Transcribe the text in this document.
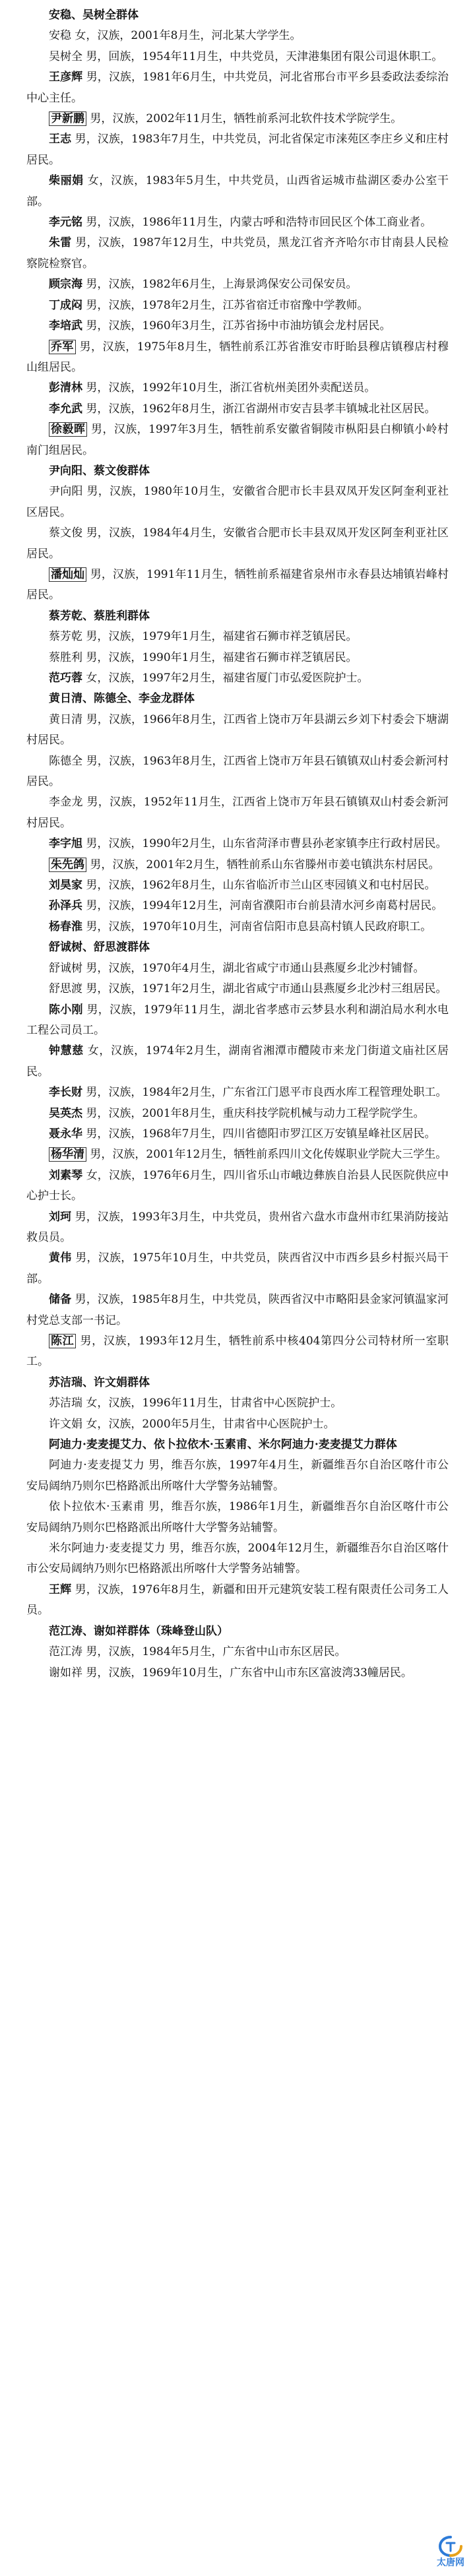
安稳、吴树全群体

安稳 女，汉族，2001年8月生，河北某大学学生。

吴树全 男，回族，1954年11月生，中共党员，天津港集团有限公司退休职工。

王彦辉 男，汉族，1981年6月生，中共党员，河北省邢台市平乡县委政法委综治中心主任。

尹新鹏 男，汉族，2002年11月生，牺牲前系河北软件技术学院学生。

王志 男，汉族，1983年7月生，中共党员，河北省保定市涞苑区李庄乡义和庄村居民。

柴丽娟 女，汉族，1983年5月生，中共党员，山西省运城市盐湖区委办公室干部。

李元铭 男，汉族，1986年11月生，内蒙古呼和浩特市回民区个体工商业者。

朱雷 男，汉族，1987年12月生，中共党员，黑龙江省齐齐哈尔市甘南县人民检察院检察官。

顾宗海 男，汉族，1982年6月生，上海景鸿保安公司保安员。

丁成闷 男，汉族，1978年2月生，江苏省宿迁市宿豫中学教师。

李培武 男，汉族，1960年3月生，江苏省扬中市油坊镇会龙村居民。

乔军 男，汉族，1975年8月生，牺牲前系江苏省淮安市盱眙县穆店镇穆店村穆山组居民。

彭清林 男，汉族，1992年10月生，浙江省杭州美团外卖配送员。

李允武 男，汉族，1962年8月生，浙江省湖州市安吉县孝丰镇城北社区居民。

徐毅晖 男，汉族，1997年3月生，牺牲前系安徽省铜陵市枞阳县白柳镇小岭村南门组居民。

尹向阳、蔡文俊群体

尹向阳 男，汉族，1980年10月生，安徽省合肥市长丰县双凤开发区阿奎利亚社区居民。

蔡文俊 男，汉族，1984年4月生，安徽省合肥市长丰县双凤开发区阿奎利亚社区居民。

潘灿灿 男，汉族，1991年11月生，牺牲前系福建省泉州市永春县达埔镇岩峰村居民。

蔡芳乾、蔡胜利群体

蔡芳乾 男，汉族，1979年1月生，福建省石狮市祥芝镇居民。

蔡胜利 男，汉族，1990年1月生，福建省石狮市祥芝镇居民。

范巧蓉 女，汉族，1997年2月生，福建省厦门市弘爱医院护士。

黄日清、陈德全、李金龙群体

黄日清 男，汉族，1966年8月生，江西省上饶市万年县湖云乡刘下村委会下塘湖村居民。

陈德全 男，汉族，1963年8月生，江西省上饶市万年县石镇镇双山村委会新河村居民。

李金龙 男，汉族，1952年11月生，江西省上饶市万年县石镇镇双山村委会新河村居民。

李字旭 男，汉族，1990年2月生，山东省菏泽市曹县孙老家镇李庄行政村居民。

朱先鸽 男，汉族，2001年2月生，牺牲前系山东省滕州市姜屯镇洪东村居民。

刘昊家 男，汉族，1962年8月生，山东省临沂市兰山区枣园镇义和屯村居民。

孙泽兵 男，汉族，1994年12月生，河南省濮阳市台前县清水河乡南葛村居民。

杨春淮 男，汉族，1970年10月生，河南省信阳市息县高村镇人民政府职工。

舒诚树、舒思渡群体

舒诚树 男，汉族，1970年4月生，湖北省咸宁市通山县燕厦乡北沙村铺督。

舒思渡 男，汉族，1971年2月生，湖北省咸宁市通山县燕厦乡北沙村三组居民。

陈小刚 男，汉族，1979年11月生，湖北省孝感市云梦县水利和湖泊局水利水电工程公司员工。

钟慧慈 女，汉族，1974年2月生，湖南省湘潭市醴陵市来龙门街道文庙社区居民。

李长财 男，汉族，1984年2月生，广东省江门恩平市良西水库工程管理处职工。

吴英杰 男，汉族，2001年8月生，重庆科技学院机械与动力工程学院学生。

聂永华 男，汉族，1968年7月生，四川省德阳市罗江区万安镇星峰社区居民。

杨华清 男，汉族，2001年12月生，牺牲前系四川文化传媒职业学院大三学生。

刘素琴 女，汉族，1976年6月生，四川省乐山市峨边彝族自治县人民医院供应中心护士长。

刘珂 男，汉族，1993年3月生，中共党员，贵州省六盘水市盘州市红果消防接站救员员。

黄伟 男，汉族，1975年10月生，中共党员，陕西省汉中市西乡县乡村振兴局干部。

储备 男，汉族，1985年8月生，中共党员，陕西省汉中市略阳县金家河镇温家河村党总支部一书记。

陈江 男，汉族，1993年12月生，牺牲前系中核404第四分公司特材所一室职工。

苏洁瑞、许文娟群体

苏洁瑞 女，汉族，1996年11月生，甘肃省中心医院护士。

许文娟 女，汉族，2000年5月生，甘肃省中心医院护士。

阿迪力·麦麦提艾力、依卜拉依木·玉素甫、米尔阿迪力·麦麦提艾力群体

阿迪力·麦麦提艾力 男，维吾尔族，1997年4月生，新疆维吾尔自治区喀什市公安局阔纳乃则尔巴格路派出所喀什大学警务站辅警。

依卜拉依木·玉素甫 男，维吾尔族，1986年1月生，新疆维吾尔自治区喀什市公安局阔纳乃则尔巴格路派出所喀什大学警务站辅警。

米尔阿迪力·麦麦提艾力 男，维吾尔族，2004年12月生，新疆维吾尔自治区喀什市公安局阔纳乃则尔巴格路派出所喀什大学警务站辅警。

王辉 男，汉族，1976年8月生，新疆和田开元建筑安装工程有限责任公司务工人员。

范江涛、谢如祥群体（珠峰登山队）

范江涛 男，汉族，1984年5月生，广东省中山市东区居民。

谢如祥 男，汉族，1969年10月生，广东省中山市东区富波湾33幢居民。

太唐网
